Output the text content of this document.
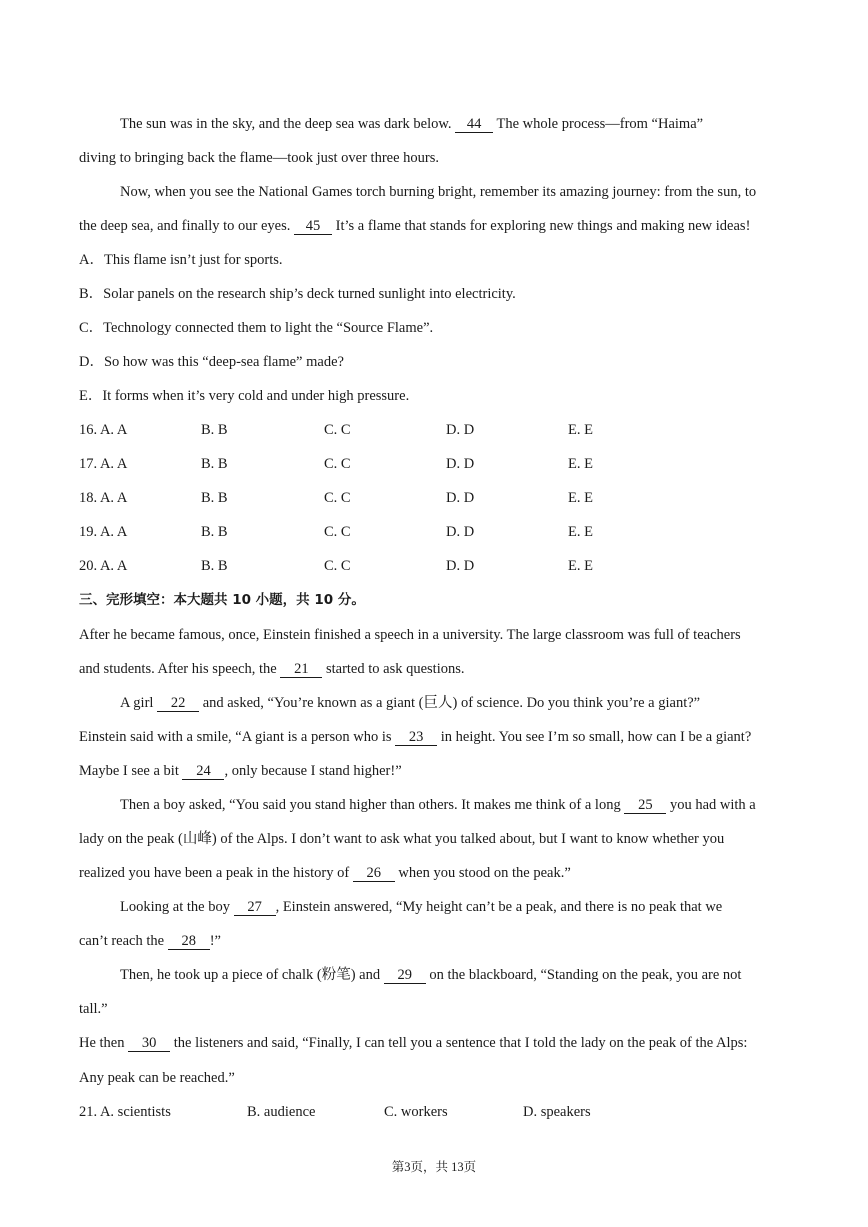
The sun was in the sky, and the deep sea was dark below. 44 The whole process—from “Haima”
diving to bringing back the flame—took just over three hours.
Now, when you see the National Games torch burning bright, remember its amazing journey: from the sun, to
the deep sea, and finally to our eyes. 45 It’s a flame that stands for exploring new things and making new ideas!
A．This flame isn’t just for sports.
B．Solar panels on the research ship’s deck turned sunlight into electricity.
C．Technology connected them to light the “Source Flame”.
D．So how was this “deep-sea flame” made?
E．It forms when it’s very cold and under high pressure.
16. A. A	B. B	C. C	D. D	E. E
17. A. A	B. B	C. C	D. D	E. E
18. A. A	B. B	C. C	D. D	E. E
19. A. A	B. B	C. C	D. D	E. E
20. A. A	B. B	C. C	D. D	E. E
三、完形填空：本大题共 10 小题，共 10 分。
After he became famous, once, Einstein finished a speech in a university. The large classroom was full of teachers
and students. After his speech, the 21 started to ask questions.
A girl 22 and asked, “You’re known as a giant (巨人) of science. Do you think you’re a giant?”
Einstein said with a smile, “A giant is a person who is 23 in height. You see I’m so small, how can I be a giant?
Maybe I see a bit 24 , only because I stand higher!”
Then a boy asked, “You said you stand higher than others. It makes me think of a long 25 you had with a
lady on the peak (山峰) of the Alps. I don’t want to ask what you talked about, but I want to know whether you
realized you have been a peak in the history of 26 when you stood on the peak.”
Looking at the boy 27 , Einstein answered, “My height can’t be a peak, and there is no peak that we
can’t reach the 28 !”
Then, he took up a piece of chalk (粉笔) and 29 on the blackboard, “Standing on the peak, you are not
tall.”
He then 30 the listeners and said, “Finally, I can tell you a sentence that I told the lady on the peak of the Alps:
Any peak can be reached.”
21. A. scientists	B. audience	C. workers	D. speakers
第3页，共 13页
